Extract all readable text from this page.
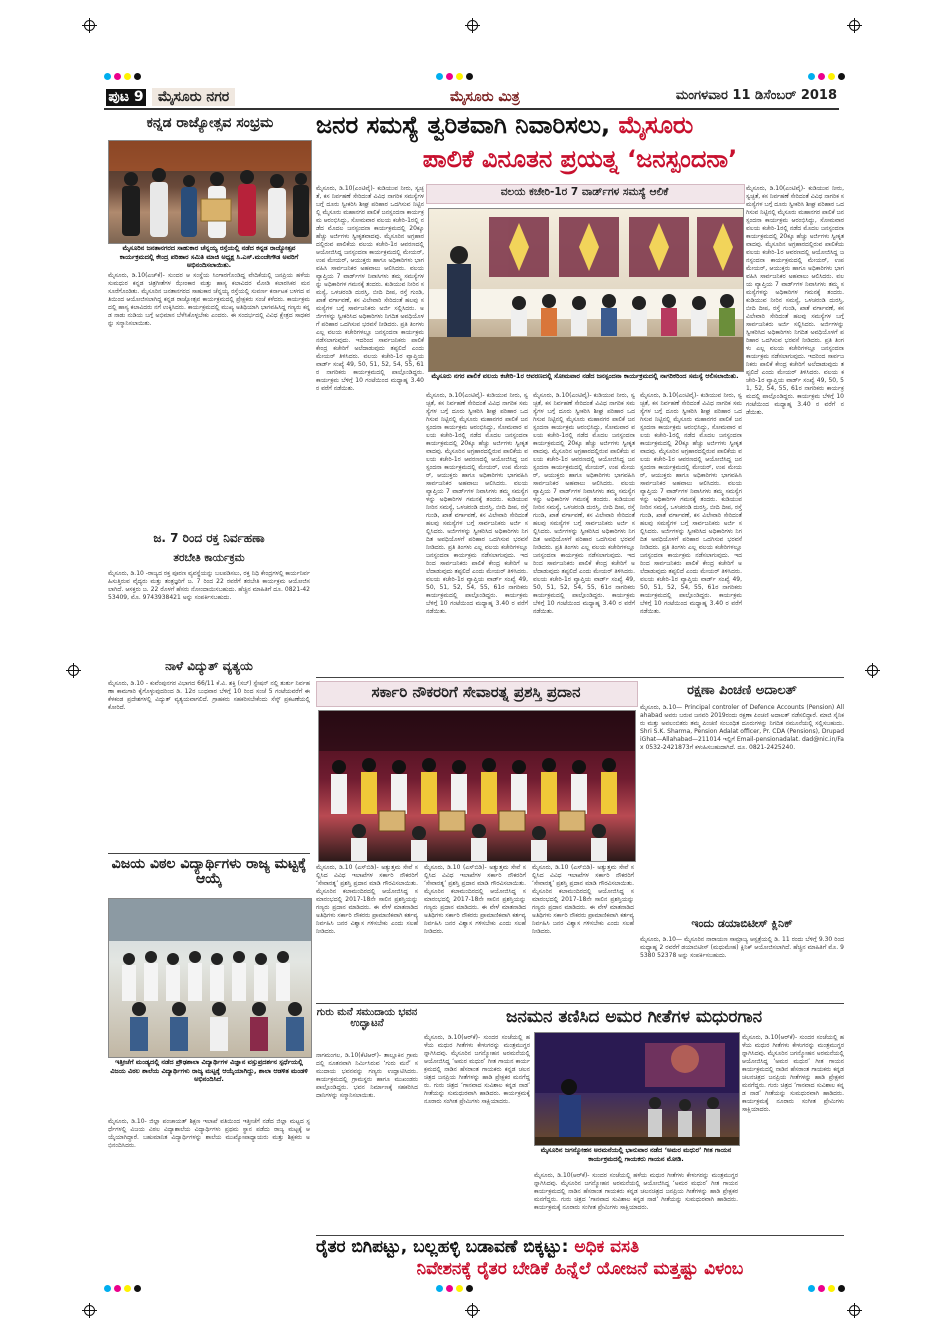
ಪುಟ 9	ಮೈಸೂರು ನಗರ	ಮೈಸೂರು ಮಿತ್ರ	ಮಂಗಳವಾರ 11 ಡಿಸೆಂಬರ್ 2018
ಕನ್ನಡ ರಾಜ್ಯೋತ್ಸವ ಸಂಭ್ರಮ
ಮೈಸೂರಿನ ಜನತಾನಗರದ ಸಾಹುಕಾರ ಚೆನ್ನಯ್ಯ ರಸ್ತೆಯಲ್ಲಿ ನಡೆದ ಕನ್ನಡ ರಾಜ್ಯೋತ್ಸವ ಕಾರ್ಯಕ್ರಮದಲ್ಲಿ ಕೇಂದ್ರ ಪರಿಹಾರ ಸಮಿತಿ ಮಾಜಿ ಅಧ್ಯಕ್ಷ ಸಿ.ಎಸ್.ಮಂಜೇಗೌಡ ಅವರಿಗೆ ಅಭಿನಂದಿಸಲಾಯಿತು.
ಮೈಸೂರು, ಡಿ.10(ಎಚ್‌ಕೆ)- ಸುಂದರ ಆ ಸಂಸ್ಥೆಯ ಸಿಂಗಾರಗೊಂಡಿದ್ದ ವೇದಿಕೆಯಲ್ಲಿ ಜನಪ್ರಿಯ ಹಳೆಯ ಸುಮಧುರ ಕನ್ನಡ ಚಿತ್ರಗೀತೆಗಳ ಝೇಂಕಾರ ಮತ್ತು ಹಾಸ್ಯ ಕಲಾವಿದರ ಮೋಡಿ ಕಲಾರಸಿಕರ ಮನಸೂರೆಗೊಂಡಿತು. ಮೈಸೂರಿನ ಜನತಾನಗರದ ಸಾಹುಕಾರ ಚೆನ್ನಯ್ಯ ರಸ್ತೆಯಲ್ಲಿ ಸುವರ್ಣ ಕರ್ನಾಟಕ ಬಳಗದ ವತಿಯಿಂದ ಆಯೋಜಿಸಲಾಗಿದ್ದ ಕನ್ನಡ ರಾಜ್ಯೋತ್ಸವ ಕಾರ್ಯಕ್ರಮದಲ್ಲಿ ಪ್ರೇಕ್ಷಕರು ಸಂಜೆ ಕಳೆದರು. ಕಾರ್ಯಕ್ರಮದಲ್ಲಿ ಹಾಸ್ಯ ಕಲಾವಿದರು ನಗೆ ಉಕ್ಕಿಸಿದರು. ಕಾರ್ಯಕ್ರಮದಲ್ಲಿ ಮುಖ್ಯ ಅತಿಥಿಯಾಗಿ ಭಾಗವಹಿಸಿದ್ದ ಗಣ್ಯರು ಕನ್ನಡ ನಾಡು ನುಡಿಯ ಬಗ್ಗೆ ಅಭಿಮಾನ ಬೆಳೆಸಿಕೊಳ್ಳಬೇಕು ಎಂದರು. ಈ ಸಂದರ್ಭದಲ್ಲಿ ವಿವಿಧ ಕ್ಷೇತ್ರದ ಸಾಧಕರನ್ನು ಸನ್ಮಾನಿಸಲಾಯಿತು.
ಜ. 7 ರಿಂದ ರಕ್ತ ನಿರ್ವಹಣಾ
ತರಬೇತಿ ಕಾರ್ಯಕ್ರಮ
ಮೈಸೂರು, ಡಿ.10 -ರಾಜ್ಯದ ರಕ್ತ ಪೂರಣ ವ್ಯವಸ್ಥೆಯನ್ನು ಬಲಪಡಿಸಲು, ರಕ್ತ ನಿಧಿ ಕೇಂದ್ರಗಳಲ್ಲಿ ಕಾರ್ಯನಿರ್ವಹಿಸುತ್ತಿರುವ ವೈದ್ಯರು ಮತ್ತು ತಂತ್ರಜ್ಞರಿಗೆ ಜ. 7 ರಿಂದ 22 ರವರೆಗೆ ತರಬೇತಿ ಕಾರ್ಯಕ್ರಮ ಆಯೋಜಿಸಲಾಗಿದೆ. ಆಸಕ್ತರು ಜ. 22 ರೊಳಗೆ ಹೆಸರು ನೋಂದಾಯಿಸಬಹುದು. ಹೆಚ್ಚಿನ ಮಾಹಿತಿಗೆ ದೂ. 0821-4253409, ಮೊ. 9743938421 ಅನ್ನು ಸಂಪರ್ಕಿಸಬಹುದು.
ನಾಳೆ ವಿದ್ಯುತ್ ವ್ಯತ್ಯಯ
ಮೈಸೂರು, ಡಿ.10 - ಕುವೆಂಪುನಗರ ವಿಭಾಗದ 66/11 ಕೆ.ವಿ. ಶಕ್ತಿ (ಸಬ್) ಸ್ಟೇಷನ್ ನಲ್ಲಿ ತುರ್ತು ನಿರ್ವಹಣಾ ಕಾಮಗಾರಿ ಕೈಗೊಳ್ಳುವುದರಿಂದ ಡಿ. 12ರ ಬುಧವಾರ ಬೆಳಿಗ್ಗೆ 10 ರಿಂದ ಸಂಜೆ 5 ಗಂಟೆಯವರೆಗೆ ಈ ಕೆಳಕಂಡ ಪ್ರದೇಶಗಳಲ್ಲಿ ವಿದ್ಯುತ್ ವ್ಯತ್ಯಯವಾಗಲಿದೆ. ಗ್ರಾಹಕರು ಸಹಕರಿಸಬೇಕೆಂದು ಸೆಸ್ಕ್ ಪ್ರಕಟಣೆಯಲ್ಲಿ ಕೋರಿದೆ.
ವಿಜಯ ವಿಠಲ ವಿದ್ಯಾರ್ಥಿಗಳು ರಾಜ್ಯ ಮಟ್ಟಕ್ಕೆ ಆಯ್ಕೆ
ಇತ್ತೀಚೆಗೆ ಮಂಡ್ಯದಲ್ಲಿ ನಡೆದ ಪ್ರೌಢಶಾಲಾ ವಿದ್ಯಾರ್ಥಿಗಳ ವಿಜ್ಞಾನ ವಸ್ತುಪ್ರದರ್ಶನ ಸ್ಪರ್ಧೆಯಲ್ಲಿ ವಿಜಯ ವಿಠಲ ಶಾಲೆಯ ವಿದ್ಯಾರ್ಥಿಗಳು ರಾಜ್ಯ ಮಟ್ಟಕ್ಕೆ ಆಯ್ಕೆಯಾಗಿದ್ದು, ಶಾಲಾ ಆಡಳಿತ ಮಂಡಳಿ ಅಭಿನಂದಿಸಿದೆ.
ಮೈಸೂರು, ಡಿ.10- ಜಿಲ್ಲಾ ಪಂಚಾಯತ್ ಶಿಕ್ಷಣ ಇಲಾಖೆ ವತಿಯಿಂದ ಇತ್ತೀಚೆಗೆ ನಡೆದ ಜಿಲ್ಲಾ ಮಟ್ಟದ ಸ್ಪರ್ಧೆಗಳಲ್ಲಿ ವಿಜಯ ವಿಠಲ ವಿದ್ಯಾಶಾಲೆಯ ವಿದ್ಯಾರ್ಥಿಗಳು ಪ್ರಥಮ ಸ್ಥಾನ ಪಡೆದು ರಾಜ್ಯ ಮಟ್ಟಕ್ಕೆ ಆಯ್ಕೆಯಾಗಿದ್ದಾರೆ. ಬಹುಮಾನಿತ ವಿದ್ಯಾರ್ಥಿಗಳನ್ನು ಶಾಲೆಯ ಮುಖ್ಯೋಪಾಧ್ಯಾಯರು ಮತ್ತು ಶಿಕ್ಷಕರು ಅಭಿನಂದಿಸಿದರು.
ಜನರ ಸಮಸ್ಯೆ ತ್ವರಿತವಾಗಿ ನಿವಾರಿಸಲು, ಮೈಸೂರು
ಪಾಲಿಕೆ ವಿನೂತನ ಪ್ರಯತ್ನ ‘ಜನಸ್ಪಂದನಾ’
ಮೈಸೂರು, ಡಿ.10(ಎಂಟಿವೈ)- ಕುಡಿಯುವ ನೀರು, ಸ್ವಚ್ಛತೆ, ಕಸ ನಿರ್ವಹಣೆ ಸೇರಿದಂತೆ ವಿವಿಧ ನಾಗರಿಕ ಸಮಸ್ಯೆಗಳ ಬಗ್ಗೆ ದೂರು ಸ್ವೀಕರಿಸಿ ಶೀಘ್ರ ಪರಿಹಾರ ಒದಗಿಸುವ ನಿಟ್ಟಿನಲ್ಲಿ ಮೈಸೂರು ಮಹಾನಗರ ಪಾಲಿಕೆ ಜನಸ್ಪಂದನಾ ಕಾರ್ಯಕ್ರಮ ಆರಂಭಿಸಿದ್ದು, ಸೋಮವಾರ ವಲಯ ಕಚೇರಿ-1ರಲ್ಲಿ ನಡೆದ ಮೊದಲ ಜನಸ್ಪಂದನಾ ಕಾರ್ಯಕ್ರಮದಲ್ಲಿ 20ಕ್ಕೂ ಹೆಚ್ಚು ಅರ್ಜಿಗಳು ಸ್ವೀಕೃತವಾದವು. ಮೈಸೂರಿನ ಅಗ್ರಹಾರದಲ್ಲಿರುವ ಪಾಲಿಕೆಯ ವಲಯ ಕಚೇರಿ-1ರ ಆವರಣದಲ್ಲಿ ಆಯೋಜಿಸಿದ್ದ ಜನಸ್ಪಂದನಾ ಕಾರ್ಯಕ್ರಮದಲ್ಲಿ ಮೇಯರ್, ಉಪ ಮೇಯರ್, ಆಯುಕ್ತರು ಹಾಗೂ ಅಧಿಕಾರಿಗಳು ಭಾಗವಹಿಸಿ ಸಾರ್ವಜನಿಕರ ಅಹವಾಲು ಆಲಿಸಿದರು. ವಲಯ ವ್ಯಾಪ್ತಿಯ 7 ವಾರ್ಡ್‌ಗಳ ನಿವಾಸಿಗಳು ತಮ್ಮ ಸಮಸ್ಯೆಗಳನ್ನು ಅಧಿಕಾರಿಗಳ ಗಮನಕ್ಕೆ ತಂದರು. ಕುಡಿಯುವ ನೀರಿನ ಸಮಸ್ಯೆ, ಒಳಚರಂಡಿ ದುರಸ್ತಿ, ಬೀದಿ ದೀಪ, ರಸ್ತೆ ಗುಂಡಿ, ಖಾತೆ ವರ್ಗಾವಣೆ, ಕಸ ವಿಲೇವಾರಿ ಸೇರಿದಂತೆ ಹಲವು ಸಮಸ್ಯೆಗಳ ಬಗ್ಗೆ ಸಾರ್ವಜನಿಕರು ಅರ್ಜಿ ಸಲ್ಲಿಸಿದರು. ಅರ್ಜಿಗಳನ್ನು ಸ್ವೀಕರಿಸಿದ ಅಧಿಕಾರಿಗಳು ನಿಗದಿತ ಅವಧಿಯೊಳಗೆ ಪರಿಹಾರ ಒದಗಿಸುವ ಭರವಸೆ ನೀಡಿದರು. ಪ್ರತಿ ತಿಂಗಳು ಎಲ್ಲ ವಲಯ ಕಚೇರಿಗಳಲ್ಲೂ ಜನಸ್ಪಂದನಾ ಕಾರ್ಯಕ್ರಮ ನಡೆಸಲಾಗುವುದು. ಇದರಿಂದ ಸಾರ್ವಜನಿಕರು ಪಾಲಿಕೆ ಕೇಂದ್ರ ಕಚೇರಿಗೆ ಅಲೆದಾಡುವುದು ತಪ್ಪಲಿದೆ ಎಂದು ಮೇಯರ್ ತಿಳಿಸಿದರು. ವಲಯ ಕಚೇರಿ-1ರ ವ್ಯಾಪ್ತಿಯ ವಾರ್ಡ್ ಸಂಖ್ಯೆ 49, 50, 51, 52, 54, 55, 61ರ ನಾಗರಿಕರು ಕಾರ್ಯಕ್ರಮದಲ್ಲಿ ಪಾಲ್ಗೊಂಡಿದ್ದರು. ಕಾರ್ಯಕ್ರಮ ಬೆಳಿಗ್ಗೆ 10 ಗಂಟೆಯಿಂದ ಮಧ್ಯಾಹ್ನ 3.40 ರ ವರೆಗೆ ನಡೆಯಿತು.
ವಲಯ ಕಚೇರಿ-1ರ 7 ವಾರ್ಡ್‌ಗಳ ಸಮಸ್ಯೆ ಆಲಿಕೆ
ಮೈಸೂರು ನಗರ ಪಾಲಿಕೆ ವಲಯ ಕಚೇರಿ-1ರ ಆವರಣದಲ್ಲಿ ಸೋಮವಾರ ನಡೆದ ಜನಸ್ಪಂದನಾ ಕಾರ್ಯಕ್ರಮದಲ್ಲಿ ನಾಗರಿಕರಿಂದ ಸಮಸ್ಯೆ ಆಲಿಸಲಾಯಿತು.
ಮೈಸೂರು, ಡಿ.10(ಎಂಟಿವೈ)- ಕುಡಿಯುವ ನೀರು, ಸ್ವಚ್ಛತೆ, ಕಸ ನಿರ್ವಹಣೆ ಸೇರಿದಂತೆ ವಿವಿಧ ನಾಗರಿಕ ಸಮಸ್ಯೆಗಳ ಬಗ್ಗೆ ದೂರು ಸ್ವೀಕರಿಸಿ ಶೀಘ್ರ ಪರಿಹಾರ ಒದಗಿಸುವ ನಿಟ್ಟಿನಲ್ಲಿ ಮೈಸೂರು ಮಹಾನಗರ ಪಾಲಿಕೆ ಜನಸ್ಪಂದನಾ ಕಾರ್ಯಕ್ರಮ ಆರಂಭಿಸಿದ್ದು, ಸೋಮವಾರ ವಲಯ ಕಚೇರಿ-1ರಲ್ಲಿ ನಡೆದ ಮೊದಲ ಜನಸ್ಪಂದನಾ ಕಾರ್ಯಕ್ರಮದಲ್ಲಿ 20ಕ್ಕೂ ಹೆಚ್ಚು ಅರ್ಜಿಗಳು ಸ್ವೀಕೃತವಾದವು. ಮೈಸೂರಿನ ಅಗ್ರಹಾರದಲ್ಲಿರುವ ಪಾಲಿಕೆಯ ವಲಯ ಕಚೇರಿ-1ರ ಆವರಣದಲ್ಲಿ ಆಯೋಜಿಸಿದ್ದ ಜನಸ್ಪಂದನಾ ಕಾರ್ಯಕ್ರಮದಲ್ಲಿ ಮೇಯರ್, ಉಪ ಮೇಯರ್, ಆಯುಕ್ತರು ಹಾಗೂ ಅಧಿಕಾರಿಗಳು ಭಾಗವಹಿಸಿ ಸಾರ್ವಜನಿಕರ ಅಹವಾಲು ಆಲಿಸಿದರು. ವಲಯ ವ್ಯಾಪ್ತಿಯ 7 ವಾರ್ಡ್‌ಗಳ ನಿವಾಸಿಗಳು ತಮ್ಮ ಸಮಸ್ಯೆಗಳನ್ನು ಅಧಿಕಾರಿಗಳ ಗಮನಕ್ಕೆ ತಂದರು. ಕುಡಿಯುವ ನೀರಿನ ಸಮಸ್ಯೆ, ಒಳಚರಂಡಿ ದುರಸ್ತಿ, ಬೀದಿ ದೀಪ, ರಸ್ತೆ ಗುಂಡಿ, ಖಾತೆ ವರ್ಗಾವಣೆ, ಕಸ ವಿಲೇವಾರಿ ಸೇರಿದಂತೆ ಹಲವು ಸಮಸ್ಯೆಗಳ ಬಗ್ಗೆ ಸಾರ್ವಜನಿಕರು ಅರ್ಜಿ ಸಲ್ಲಿಸಿದರು. ಅರ್ಜಿಗಳನ್ನು ಸ್ವೀಕರಿಸಿದ ಅಧಿಕಾರಿಗಳು ನಿಗದಿತ ಅವಧಿಯೊಳಗೆ ಪರಿಹಾರ ಒದಗಿಸುವ ಭರವಸೆ ನೀಡಿದರು. ಪ್ರತಿ ತಿಂಗಳು ಎಲ್ಲ ವಲಯ ಕಚೇರಿಗಳಲ್ಲೂ ಜನಸ್ಪಂದನಾ ಕಾರ್ಯಕ್ರಮ ನಡೆಸಲಾಗುವುದು. ಇದರಿಂದ ಸಾರ್ವಜನಿಕರು ಪಾಲಿಕೆ ಕೇಂದ್ರ ಕಚೇರಿಗೆ ಅಲೆದಾಡುವುದು ತಪ್ಪಲಿದೆ ಎಂದು ಮೇಯರ್ ತಿಳಿಸಿದರು. ವಲಯ ಕಚೇರಿ-1ರ ವ್ಯಾಪ್ತಿಯ ವಾರ್ಡ್ ಸಂಖ್ಯೆ 49, 50, 51, 52, 54, 55, 61ರ ನಾಗರಿಕರು ಕಾರ್ಯಕ್ರಮದಲ್ಲಿ ಪಾಲ್ಗೊಂಡಿದ್ದರು. ಕಾರ್ಯಕ್ರಮ ಬೆಳಿಗ್ಗೆ 10 ಗಂಟೆಯಿಂದ ಮಧ್ಯಾಹ್ನ 3.40 ರ ವರೆಗೆ ನಡೆಯಿತು.
ಮೈಸೂರು, ಡಿ.10(ಎಂಟಿವೈ)- ಕುಡಿಯುವ ನೀರು, ಸ್ವಚ್ಛತೆ, ಕಸ ನಿರ್ವಹಣೆ ಸೇರಿದಂತೆ ವಿವಿಧ ನಾಗರಿಕ ಸಮಸ್ಯೆಗಳ ಬಗ್ಗೆ ದೂರು ಸ್ವೀಕರಿಸಿ ಶೀಘ್ರ ಪರಿಹಾರ ಒದಗಿಸುವ ನಿಟ್ಟಿನಲ್ಲಿ ಮೈಸೂರು ಮಹಾನಗರ ಪಾಲಿಕೆ ಜನಸ್ಪಂದನಾ ಕಾರ್ಯಕ್ರಮ ಆರಂಭಿಸಿದ್ದು, ಸೋಮವಾರ ವಲಯ ಕಚೇರಿ-1ರಲ್ಲಿ ನಡೆದ ಮೊದಲ ಜನಸ್ಪಂದನಾ ಕಾರ್ಯಕ್ರಮದಲ್ಲಿ 20ಕ್ಕೂ ಹೆಚ್ಚು ಅರ್ಜಿಗಳು ಸ್ವೀಕೃತವಾದವು. ಮೈಸೂರಿನ ಅಗ್ರಹಾರದಲ್ಲಿರುವ ಪಾಲಿಕೆಯ ವಲಯ ಕಚೇರಿ-1ರ ಆವರಣದಲ್ಲಿ ಆಯೋಜಿಸಿದ್ದ ಜನಸ್ಪಂದನಾ ಕಾರ್ಯಕ್ರಮದಲ್ಲಿ ಮೇಯರ್, ಉಪ ಮೇಯರ್, ಆಯುಕ್ತರು ಹಾಗೂ ಅಧಿಕಾರಿಗಳು ಭಾಗವಹಿಸಿ ಸಾರ್ವಜನಿಕರ ಅಹವಾಲು ಆಲಿಸಿದರು. ವಲಯ ವ್ಯಾಪ್ತಿಯ 7 ವಾರ್ಡ್‌ಗಳ ನಿವಾಸಿಗಳು ತಮ್ಮ ಸಮಸ್ಯೆಗಳನ್ನು ಅಧಿಕಾರಿಗಳ ಗಮನಕ್ಕೆ ತಂದರು. ಕುಡಿಯುವ ನೀರಿನ ಸಮಸ್ಯೆ, ಒಳಚರಂಡಿ ದುರಸ್ತಿ, ಬೀದಿ ದೀಪ, ರಸ್ತೆ ಗುಂಡಿ, ಖಾತೆ ವರ್ಗಾವಣೆ, ಕಸ ವಿಲೇವಾರಿ ಸೇರಿದಂತೆ ಹಲವು ಸಮಸ್ಯೆಗಳ ಬಗ್ಗೆ ಸಾರ್ವಜನಿಕರು ಅರ್ಜಿ ಸಲ್ಲಿಸಿದರು. ಅರ್ಜಿಗಳನ್ನು ಸ್ವೀಕರಿಸಿದ ಅಧಿಕಾರಿಗಳು ನಿಗದಿತ ಅವಧಿಯೊಳಗೆ ಪರಿಹಾರ ಒದಗಿಸುವ ಭರವಸೆ ನೀಡಿದರು. ಪ್ರತಿ ತಿಂಗಳು ಎಲ್ಲ ವಲಯ ಕಚೇರಿಗಳಲ್ಲೂ ಜನಸ್ಪಂದನಾ ಕಾರ್ಯಕ್ರಮ ನಡೆಸಲಾಗುವುದು. ಇದರಿಂದ ಸಾರ್ವಜನಿಕರು ಪಾಲಿಕೆ ಕೇಂದ್ರ ಕಚೇರಿಗೆ ಅಲೆದಾಡುವುದು ತಪ್ಪಲಿದೆ ಎಂದು ಮೇಯರ್ ತಿಳಿಸಿದರು. ವಲಯ ಕಚೇರಿ-1ರ ವ್ಯಾಪ್ತಿಯ ವಾರ್ಡ್ ಸಂಖ್ಯೆ 49, 50, 51, 52, 54, 55, 61ರ ನಾಗರಿಕರು ಕಾರ್ಯಕ್ರಮದಲ್ಲಿ ಪಾಲ್ಗೊಂಡಿದ್ದರು. ಕಾರ್ಯಕ್ರಮ ಬೆಳಿಗ್ಗೆ 10 ಗಂಟೆಯಿಂದ ಮಧ್ಯಾಹ್ನ 3.40 ರ ವರೆಗೆ ನಡೆಯಿತು.
ಮೈಸೂರು, ಡಿ.10(ಎಂಟಿವೈ)- ಕುಡಿಯುವ ನೀರು, ಸ್ವಚ್ಛತೆ, ಕಸ ನಿರ್ವಹಣೆ ಸೇರಿದಂತೆ ವಿವಿಧ ನಾಗರಿಕ ಸಮಸ್ಯೆಗಳ ಬಗ್ಗೆ ದೂರು ಸ್ವೀಕರಿಸಿ ಶೀಘ್ರ ಪರಿಹಾರ ಒದಗಿಸುವ ನಿಟ್ಟಿನಲ್ಲಿ ಮೈಸೂರು ಮಹಾನಗರ ಪಾಲಿಕೆ ಜನಸ್ಪಂದನಾ ಕಾರ್ಯಕ್ರಮ ಆರಂಭಿಸಿದ್ದು, ಸೋಮವಾರ ವಲಯ ಕಚೇರಿ-1ರಲ್ಲಿ ನಡೆದ ಮೊದಲ ಜನಸ್ಪಂದನಾ ಕಾರ್ಯಕ್ರಮದಲ್ಲಿ 20ಕ್ಕೂ ಹೆಚ್ಚು ಅರ್ಜಿಗಳು ಸ್ವೀಕೃತವಾದವು. ಮೈಸೂರಿನ ಅಗ್ರಹಾರದಲ್ಲಿರುವ ಪಾಲಿಕೆಯ ವಲಯ ಕಚೇರಿ-1ರ ಆವರಣದಲ್ಲಿ ಆಯೋಜಿಸಿದ್ದ ಜನಸ್ಪಂದನಾ ಕಾರ್ಯಕ್ರಮದಲ್ಲಿ ಮೇಯರ್, ಉಪ ಮೇಯರ್, ಆಯುಕ್ತರು ಹಾಗೂ ಅಧಿಕಾರಿಗಳು ಭಾಗವಹಿಸಿ ಸಾರ್ವಜನಿಕರ ಅಹವಾಲು ಆಲಿಸಿದರು. ವಲಯ ವ್ಯಾಪ್ತಿಯ 7 ವಾರ್ಡ್‌ಗಳ ನಿವಾಸಿಗಳು ತಮ್ಮ ಸಮಸ್ಯೆಗಳನ್ನು ಅಧಿಕಾರಿಗಳ ಗಮನಕ್ಕೆ ತಂದರು. ಕುಡಿಯುವ ನೀರಿನ ಸಮಸ್ಯೆ, ಒಳಚರಂಡಿ ದುರಸ್ತಿ, ಬೀದಿ ದೀಪ, ರಸ್ತೆ ಗುಂಡಿ, ಖಾತೆ ವರ್ಗಾವಣೆ, ಕಸ ವಿಲೇವಾರಿ ಸೇರಿದಂತೆ ಹಲವು ಸಮಸ್ಯೆಗಳ ಬಗ್ಗೆ ಸಾರ್ವಜನಿಕರು ಅರ್ಜಿ ಸಲ್ಲಿಸಿದರು. ಅರ್ಜಿಗಳನ್ನು ಸ್ವೀಕರಿಸಿದ ಅಧಿಕಾರಿಗಳು ನಿಗದಿತ ಅವಧಿಯೊಳಗೆ ಪರಿಹಾರ ಒದಗಿಸುವ ಭರವಸೆ ನೀಡಿದರು. ಪ್ರತಿ ತಿಂಗಳು ಎಲ್ಲ ವಲಯ ಕಚೇರಿಗಳಲ್ಲೂ ಜನಸ್ಪಂದನಾ ಕಾರ್ಯಕ್ರಮ ನಡೆಸಲಾಗುವುದು. ಇದರಿಂದ ಸಾರ್ವಜನಿಕರು ಪಾಲಿಕೆ ಕೇಂದ್ರ ಕಚೇರಿಗೆ ಅಲೆದಾಡುವುದು ತಪ್ಪಲಿದೆ ಎಂದು ಮೇಯರ್ ತಿಳಿಸಿದರು. ವಲಯ ಕಚೇರಿ-1ರ ವ್ಯಾಪ್ತಿಯ ವಾರ್ಡ್ ಸಂಖ್ಯೆ 49, 50, 51, 52, 54, 55, 61ರ ನಾಗರಿಕರು ಕಾರ್ಯಕ್ರಮದಲ್ಲಿ ಪಾಲ್ಗೊಂಡಿದ್ದರು. ಕಾರ್ಯಕ್ರಮ ಬೆಳಿಗ್ಗೆ 10 ಗಂಟೆಯಿಂದ ಮಧ್ಯಾಹ್ನ 3.40 ರ ವರೆಗೆ ನಡೆಯಿತು.
ಮೈಸೂರು, ಡಿ.10(ಎಂಟಿವೈ)- ಕುಡಿಯುವ ನೀರು, ಸ್ವಚ್ಛತೆ, ಕಸ ನಿರ್ವಹಣೆ ಸೇರಿದಂತೆ ವಿವಿಧ ನಾಗರಿಕ ಸಮಸ್ಯೆಗಳ ಬಗ್ಗೆ ದೂರು ಸ್ವೀಕರಿಸಿ ಶೀಘ್ರ ಪರಿಹಾರ ಒದಗಿಸುವ ನಿಟ್ಟಿನಲ್ಲಿ ಮೈಸೂರು ಮಹಾನಗರ ಪಾಲಿಕೆ ಜನಸ್ಪಂದನಾ ಕಾರ್ಯಕ್ರಮ ಆರಂಭಿಸಿದ್ದು, ಸೋಮವಾರ ವಲಯ ಕಚೇರಿ-1ರಲ್ಲಿ ನಡೆದ ಮೊದಲ ಜನಸ್ಪಂದನಾ ಕಾರ್ಯಕ್ರಮದಲ್ಲಿ 20ಕ್ಕೂ ಹೆಚ್ಚು ಅರ್ಜಿಗಳು ಸ್ವೀಕೃತವಾದವು. ಮೈಸೂರಿನ ಅಗ್ರಹಾರದಲ್ಲಿರುವ ಪಾಲಿಕೆಯ ವಲಯ ಕಚೇರಿ-1ರ ಆವರಣದಲ್ಲಿ ಆಯೋಜಿಸಿದ್ದ ಜನಸ್ಪಂದನಾ ಕಾರ್ಯಕ್ರಮದಲ್ಲಿ ಮೇಯರ್, ಉಪ ಮೇಯರ್, ಆಯುಕ್ತರು ಹಾಗೂ ಅಧಿಕಾರಿಗಳು ಭಾಗವಹಿಸಿ ಸಾರ್ವಜನಿಕರ ಅಹವಾಲು ಆಲಿಸಿದರು. ವಲಯ ವ್ಯಾಪ್ತಿಯ 7 ವಾರ್ಡ್‌ಗಳ ನಿವಾಸಿಗಳು ತಮ್ಮ ಸಮಸ್ಯೆಗಳನ್ನು ಅಧಿಕಾರಿಗಳ ಗಮನಕ್ಕೆ ತಂದರು. ಕುಡಿಯುವ ನೀರಿನ ಸಮಸ್ಯೆ, ಒಳಚರಂಡಿ ದುರಸ್ತಿ, ಬೀದಿ ದೀಪ, ರಸ್ತೆ ಗುಂಡಿ, ಖಾತೆ ವರ್ಗಾವಣೆ, ಕಸ ವಿಲೇವಾರಿ ಸೇರಿದಂತೆ ಹಲವು ಸಮಸ್ಯೆಗಳ ಬಗ್ಗೆ ಸಾರ್ವಜನಿಕರು ಅರ್ಜಿ ಸಲ್ಲಿಸಿದರು. ಅರ್ಜಿಗಳನ್ನು ಸ್ವೀಕರಿಸಿದ ಅಧಿಕಾರಿಗಳು ನಿಗದಿತ ಅವಧಿಯೊಳಗೆ ಪರಿಹಾರ ಒದಗಿಸುವ ಭರವಸೆ ನೀಡಿದರು. ಪ್ರತಿ ತಿಂಗಳು ಎಲ್ಲ ವಲಯ ಕಚೇರಿಗಳಲ್ಲೂ ಜನಸ್ಪಂದನಾ ಕಾರ್ಯಕ್ರಮ ನಡೆಸಲಾಗುವುದು. ಇದರಿಂದ ಸಾರ್ವಜನಿಕರು ಪಾಲಿಕೆ ಕೇಂದ್ರ ಕಚೇರಿಗೆ ಅಲೆದಾಡುವುದು ತಪ್ಪಲಿದೆ ಎಂದು ಮೇಯರ್ ತಿಳಿಸಿದರು. ವಲಯ ಕಚೇರಿ-1ರ ವ್ಯಾಪ್ತಿಯ ವಾರ್ಡ್ ಸಂಖ್ಯೆ 49, 50, 51, 52, 54, 55, 61ರ ನಾಗರಿಕರು ಕಾರ್ಯಕ್ರಮದಲ್ಲಿ ಪಾಲ್ಗೊಂಡಿದ್ದರು. ಕಾರ್ಯಕ್ರಮ ಬೆಳಿಗ್ಗೆ 10 ಗಂಟೆಯಿಂದ ಮಧ್ಯಾಹ್ನ 3.40 ರ ವರೆಗೆ ನಡೆಯಿತು.
ಸರ್ಕಾರಿ ನೌಕರರಿಗೆ ಸೇವಾರತ್ನ ಪ್ರಶಸ್ತಿ ಪ್ರದಾನ
ಮೈಸೂರು, ಡಿ.10 (ಎಸ್‌ಬಿಡಿ)- ಅತ್ಯುತ್ತಮ ಸೇವೆ ಸಲ್ಲಿಸಿದ ವಿವಿಧ ಇಲಾಖೆಗಳ ಸರ್ಕಾರಿ ನೌಕರರಿಗೆ ‘ಸೇವಾರತ್ನ’ ಪ್ರಶಸ್ತಿ ಪ್ರದಾನ ಮಾಡಿ ಗೌರವಿಸಲಾಯಿತು. ಮೈಸೂರಿನ ಕಲಾಮಂದಿರದಲ್ಲಿ ಆಯೋಜಿಸಿದ್ದ ಸಮಾರಂಭದಲ್ಲಿ 2017-18ನೇ ಸಾಲಿನ ಪ್ರಶಸ್ತಿಯನ್ನು ಗಣ್ಯರು ಪ್ರದಾನ ಮಾಡಿದರು. ಈ ವೇಳೆ ಮಾತನಾಡಿದ ಅತಿಥಿಗಳು ಸರ್ಕಾರಿ ನೌಕರರು ಪ್ರಾಮಾಣಿಕವಾಗಿ ಕರ್ತವ್ಯ ನಿರ್ವಹಿಸಿ ಜನರ ವಿಶ್ವಾಸ ಗಳಿಸಬೇಕು ಎಂದು ಸಲಹೆ ನೀಡಿದರು.
ಮೈಸೂರು, ಡಿ.10 (ಎಸ್‌ಬಿಡಿ)- ಅತ್ಯುತ್ತಮ ಸೇವೆ ಸಲ್ಲಿಸಿದ ವಿವಿಧ ಇಲಾಖೆಗಳ ಸರ್ಕಾರಿ ನೌಕರರಿಗೆ ‘ಸೇವಾರತ್ನ’ ಪ್ರಶಸ್ತಿ ಪ್ರದಾನ ಮಾಡಿ ಗೌರವಿಸಲಾಯಿತು. ಮೈಸೂರಿನ ಕಲಾಮಂದಿರದಲ್ಲಿ ಆಯೋಜಿಸಿದ್ದ ಸಮಾರಂಭದಲ್ಲಿ 2017-18ನೇ ಸಾಲಿನ ಪ್ರಶಸ್ತಿಯನ್ನು ಗಣ್ಯರು ಪ್ರದಾನ ಮಾಡಿದರು. ಈ ವೇಳೆ ಮಾತನಾಡಿದ ಅತಿಥಿಗಳು ಸರ್ಕಾರಿ ನೌಕರರು ಪ್ರಾಮಾಣಿಕವಾಗಿ ಕರ್ತವ್ಯ ನಿರ್ವಹಿಸಿ ಜನರ ವಿಶ್ವಾಸ ಗಳಿಸಬೇಕು ಎಂದು ಸಲಹೆ ನೀಡಿದರು.
ಮೈಸೂರು, ಡಿ.10 (ಎಸ್‌ಬಿಡಿ)- ಅತ್ಯುತ್ತಮ ಸೇವೆ ಸಲ್ಲಿಸಿದ ವಿವಿಧ ಇಲಾಖೆಗಳ ಸರ್ಕಾರಿ ನೌಕರರಿಗೆ ‘ಸೇವಾರತ್ನ’ ಪ್ರಶಸ್ತಿ ಪ್ರದಾನ ಮಾಡಿ ಗೌರವಿಸಲಾಯಿತು. ಮೈಸೂರಿನ ಕಲಾಮಂದಿರದಲ್ಲಿ ಆಯೋಜಿಸಿದ್ದ ಸಮಾರಂಭದಲ್ಲಿ 2017-18ನೇ ಸಾಲಿನ ಪ್ರಶಸ್ತಿಯನ್ನು ಗಣ್ಯರು ಪ್ರದಾನ ಮಾಡಿದರು. ಈ ವೇಳೆ ಮಾತನಾಡಿದ ಅತಿಥಿಗಳು ಸರ್ಕಾರಿ ನೌಕರರು ಪ್ರಾಮಾಣಿಕವಾಗಿ ಕರ್ತವ್ಯ ನಿರ್ವಹಿಸಿ ಜನರ ವಿಶ್ವಾಸ ಗಳಿಸಬೇಕು ಎಂದು ಸಲಹೆ ನೀಡಿದರು.
ರಕ್ಷಣಾ ಪಿಂಚಣಿ ಅದಾಲತ್
ಮೈಸೂರು, ಡಿ.10— Principal controler of Defence Accounts (Pension) Allahabad ಅವರು ಬರುವ ಜನವರಿ 2019ರಂದು ರಕ್ಷಣಾ ಪಿಂಚಣಿ ಅದಾಲತ್ ನಡೆಸಲಿದ್ದಾರೆ. ಮಾಜಿ ಸೈನಿಕರು ಮತ್ತು ಅವಲಂಬಿತರು ತಮ್ಮ ಪಿಂಚಣಿ ಸಂಬಂಧಿತ ದೂರುಗಳನ್ನು ನಿಗದಿತ ನಮೂನೆಯಲ್ಲಿ ಸಲ್ಲಿಸಬಹುದು. Shri S.K. Sharma, Pension Adalat officer, Pr. CDA (Pensions), DrupadiGhat—Allahabad—211014 ಇಲ್ಲಿಗೆ Email-pensionadalat. dad@nic.in/Fax 0532-2421873ಗೆ ಕಳುಹಿಸಬಹುದಾಗಿದೆ. ದೂ. 0821-2425240.
ಇಂದು ಡಯಾಬಿಟೀಸ್ ಕ್ಲಿನಿಕ್
ಮೈಸೂರು, ಡಿ.10— ಮೈಸೂರಿನ ನಾರಾಯಣ ಸಾಮ್ರಾಜ್ಯ ಆಸ್ಪತ್ರೆಯಲ್ಲಿ ಡಿ. 11 ರಂದು ಬೆಳಿಗ್ಗೆ 9.30 ರಿಂದ ಮಧ್ಯಾಹ್ನ 2 ರವರೆಗೆ ಡಯಾಬಿಟೀಸ್ (ಮಧುಮೇಹ) ಕ್ಲಿನಿಕ್ ಆಯೋಜಿಸಲಾಗಿದೆ. ಹೆಚ್ಚಿನ ಮಾಹಿತಿಗೆ ಮೊ. 95380 52378 ಅನ್ನು ಸಂಪರ್ಕಿಸಬಹುದು.
ಗುರು ಮನೆ ಸಮುದಾಯ ಭವನ ಉದ್ಘಾಟನೆ
ನಾಗಮಂಗಲ, ಡಿ.10(ಕೆಟಿಆರ್)- ತಾಲ್ಲೂಕಿನ ಗ್ರಾಮದಲ್ಲಿ ನೂತನವಾಗಿ ನಿರ್ಮಿಸಿರುವ ‘ಗುರು ಮನೆ’ ಸಮುದಾಯ ಭವನವನ್ನು ಗಣ್ಯರು ಉದ್ಘಾಟಿಸಿದರು. ಕಾರ್ಯಕ್ರಮದಲ್ಲಿ ಗ್ರಾಮಸ್ಥರು ಹಾಗೂ ಮುಖಂಡರು ಪಾಲ್ಗೊಂಡಿದ್ದರು. ಭವನ ನಿರ್ಮಾಣಕ್ಕೆ ಸಹಕರಿಸಿದ ದಾನಿಗಳನ್ನು ಸನ್ಮಾನಿಸಲಾಯಿತು.
ಜನಮನ ತಣಿಸಿದ ಅಮರ ಗೀತೆಗಳ ಮಧುರಗಾನ
ಮೈಸೂರು, ಡಿ.10(ಆರ್‌ಕೆ)- ಸುಂದರ ಸಂಜೆಯಲ್ಲಿ ಹಳೆಯ ಮಧುರ ಗೀತೆಗಳು ಕೇಳುಗರನ್ನು ಮಂತ್ರಮುಗ್ಧರನ್ನಾಗಿಸಿದವು. ಮೈಸೂರಿನ ಜಗನ್ಮೋಹನ ಅರಮನೆಯಲ್ಲಿ ಆಯೋಜಿಸಿದ್ದ ‘ಅಮರ ಮಧುರ’ ಗೀತ ಗಾಯನ ಕಾರ್ಯಕ್ರಮದಲ್ಲಿ ನಾಡಿನ ಹೆಸರಾಂತ ಗಾಯಕರು ಕನ್ನಡ ಚಲನಚಿತ್ರದ ಜನಪ್ರಿಯ ಗೀತೆಗಳನ್ನು ಹಾಡಿ ಪ್ರೇಕ್ಷಕರ ಮನಗೆದ್ದರು. ಗುರು ಚಿತ್ರದ ‘ಗಾನವಾದ ಸುವಿಶಾಲ ಕನ್ನಡ ನಾಡ’ ಗೀತೆಯನ್ನು ಸುಮಧುರವಾಗಿ ಹಾಡಿದರು. ಕಾರ್ಯಕ್ರಮಕ್ಕೆ ನೂರಾರು ಸಂಗೀತ ಪ್ರೇಮಿಗಳು ಸಾಕ್ಷಿಯಾದರು.
ಮೈಸೂರಿನ ಜಗನ್ಮೋಹನ ಅರಮನೆಯಲ್ಲಿ ಭಾನುವಾರ ನಡೆದ ‘ಅಮರ ಮಧುರ’ ಗೀತ ಗಾಯನ ಕಾರ್ಯಕ್ರಮದಲ್ಲಿ ಗಾಯಕರು ಗಾಯನ ಮೋಡಿ.
ಮೈಸೂರು, ಡಿ.10(ಆರ್‌ಕೆ)- ಸುಂದರ ಸಂಜೆಯಲ್ಲಿ ಹಳೆಯ ಮಧುರ ಗೀತೆಗಳು ಕೇಳುಗರನ್ನು ಮಂತ್ರಮುಗ್ಧರನ್ನಾಗಿಸಿದವು. ಮೈಸೂರಿನ ಜಗನ್ಮೋಹನ ಅರಮನೆಯಲ್ಲಿ ಆಯೋಜಿಸಿದ್ದ ‘ಅಮರ ಮಧುರ’ ಗೀತ ಗಾಯನ ಕಾರ್ಯಕ್ರಮದಲ್ಲಿ ನಾಡಿನ ಹೆಸರಾಂತ ಗಾಯಕರು ಕನ್ನಡ ಚಲನಚಿತ್ರದ ಜನಪ್ರಿಯ ಗೀತೆಗಳನ್ನು ಹಾಡಿ ಪ್ರೇಕ್ಷಕರ ಮನಗೆದ್ದರು. ಗುರು ಚಿತ್ರದ ‘ಗಾನವಾದ ಸುವಿಶಾಲ ಕನ್ನಡ ನಾಡ’ ಗೀತೆಯನ್ನು ಸುಮಧುರವಾಗಿ ಹಾಡಿದರು. ಕಾರ್ಯಕ್ರಮಕ್ಕೆ ನೂರಾರು ಸಂಗೀತ ಪ್ರೇಮಿಗಳು ಸಾಕ್ಷಿಯಾದರು.
ಮೈಸೂರು, ಡಿ.10(ಆರ್‌ಕೆ)- ಸುಂದರ ಸಂಜೆಯಲ್ಲಿ ಹಳೆಯ ಮಧುರ ಗೀತೆಗಳು ಕೇಳುಗರನ್ನು ಮಂತ್ರಮುಗ್ಧರನ್ನಾಗಿಸಿದವು. ಮೈಸೂರಿನ ಜಗನ್ಮೋಹನ ಅರಮನೆಯಲ್ಲಿ ಆಯೋಜಿಸಿದ್ದ ‘ಅಮರ ಮಧುರ’ ಗೀತ ಗಾಯನ ಕಾರ್ಯಕ್ರಮದಲ್ಲಿ ನಾಡಿನ ಹೆಸರಾಂತ ಗಾಯಕರು ಕನ್ನಡ ಚಲನಚಿತ್ರದ ಜನಪ್ರಿಯ ಗೀತೆಗಳನ್ನು ಹಾಡಿ ಪ್ರೇಕ್ಷಕರ ಮನಗೆದ್ದರು. ಗುರು ಚಿತ್ರದ ‘ಗಾನವಾದ ಸುವಿಶಾಲ ಕನ್ನಡ ನಾಡ’ ಗೀತೆಯನ್ನು ಸುಮಧುರವಾಗಿ ಹಾಡಿದರು. ಕಾರ್ಯಕ್ರಮಕ್ಕೆ ನೂರಾರು ಸಂಗೀತ ಪ್ರೇಮಿಗಳು ಸಾಕ್ಷಿಯಾದರು.
ರೈತರ ಬಿಗಿಪಟ್ಟು, ಬಲ್ಲಹಳ್ಳಿ ಬಡಾವಣೆ ಬಿಕ್ಕಟ್ಟು: ಅಧಿಕ ವಸತಿ
ನಿವೇಶನಕ್ಕೆ ರೈತರ ಬೇಡಿಕೆ ಹಿನ್ನೆಲೆ ಯೋಜನೆ ಮತ್ತಷ್ಟು ವಿಳಂಬ
